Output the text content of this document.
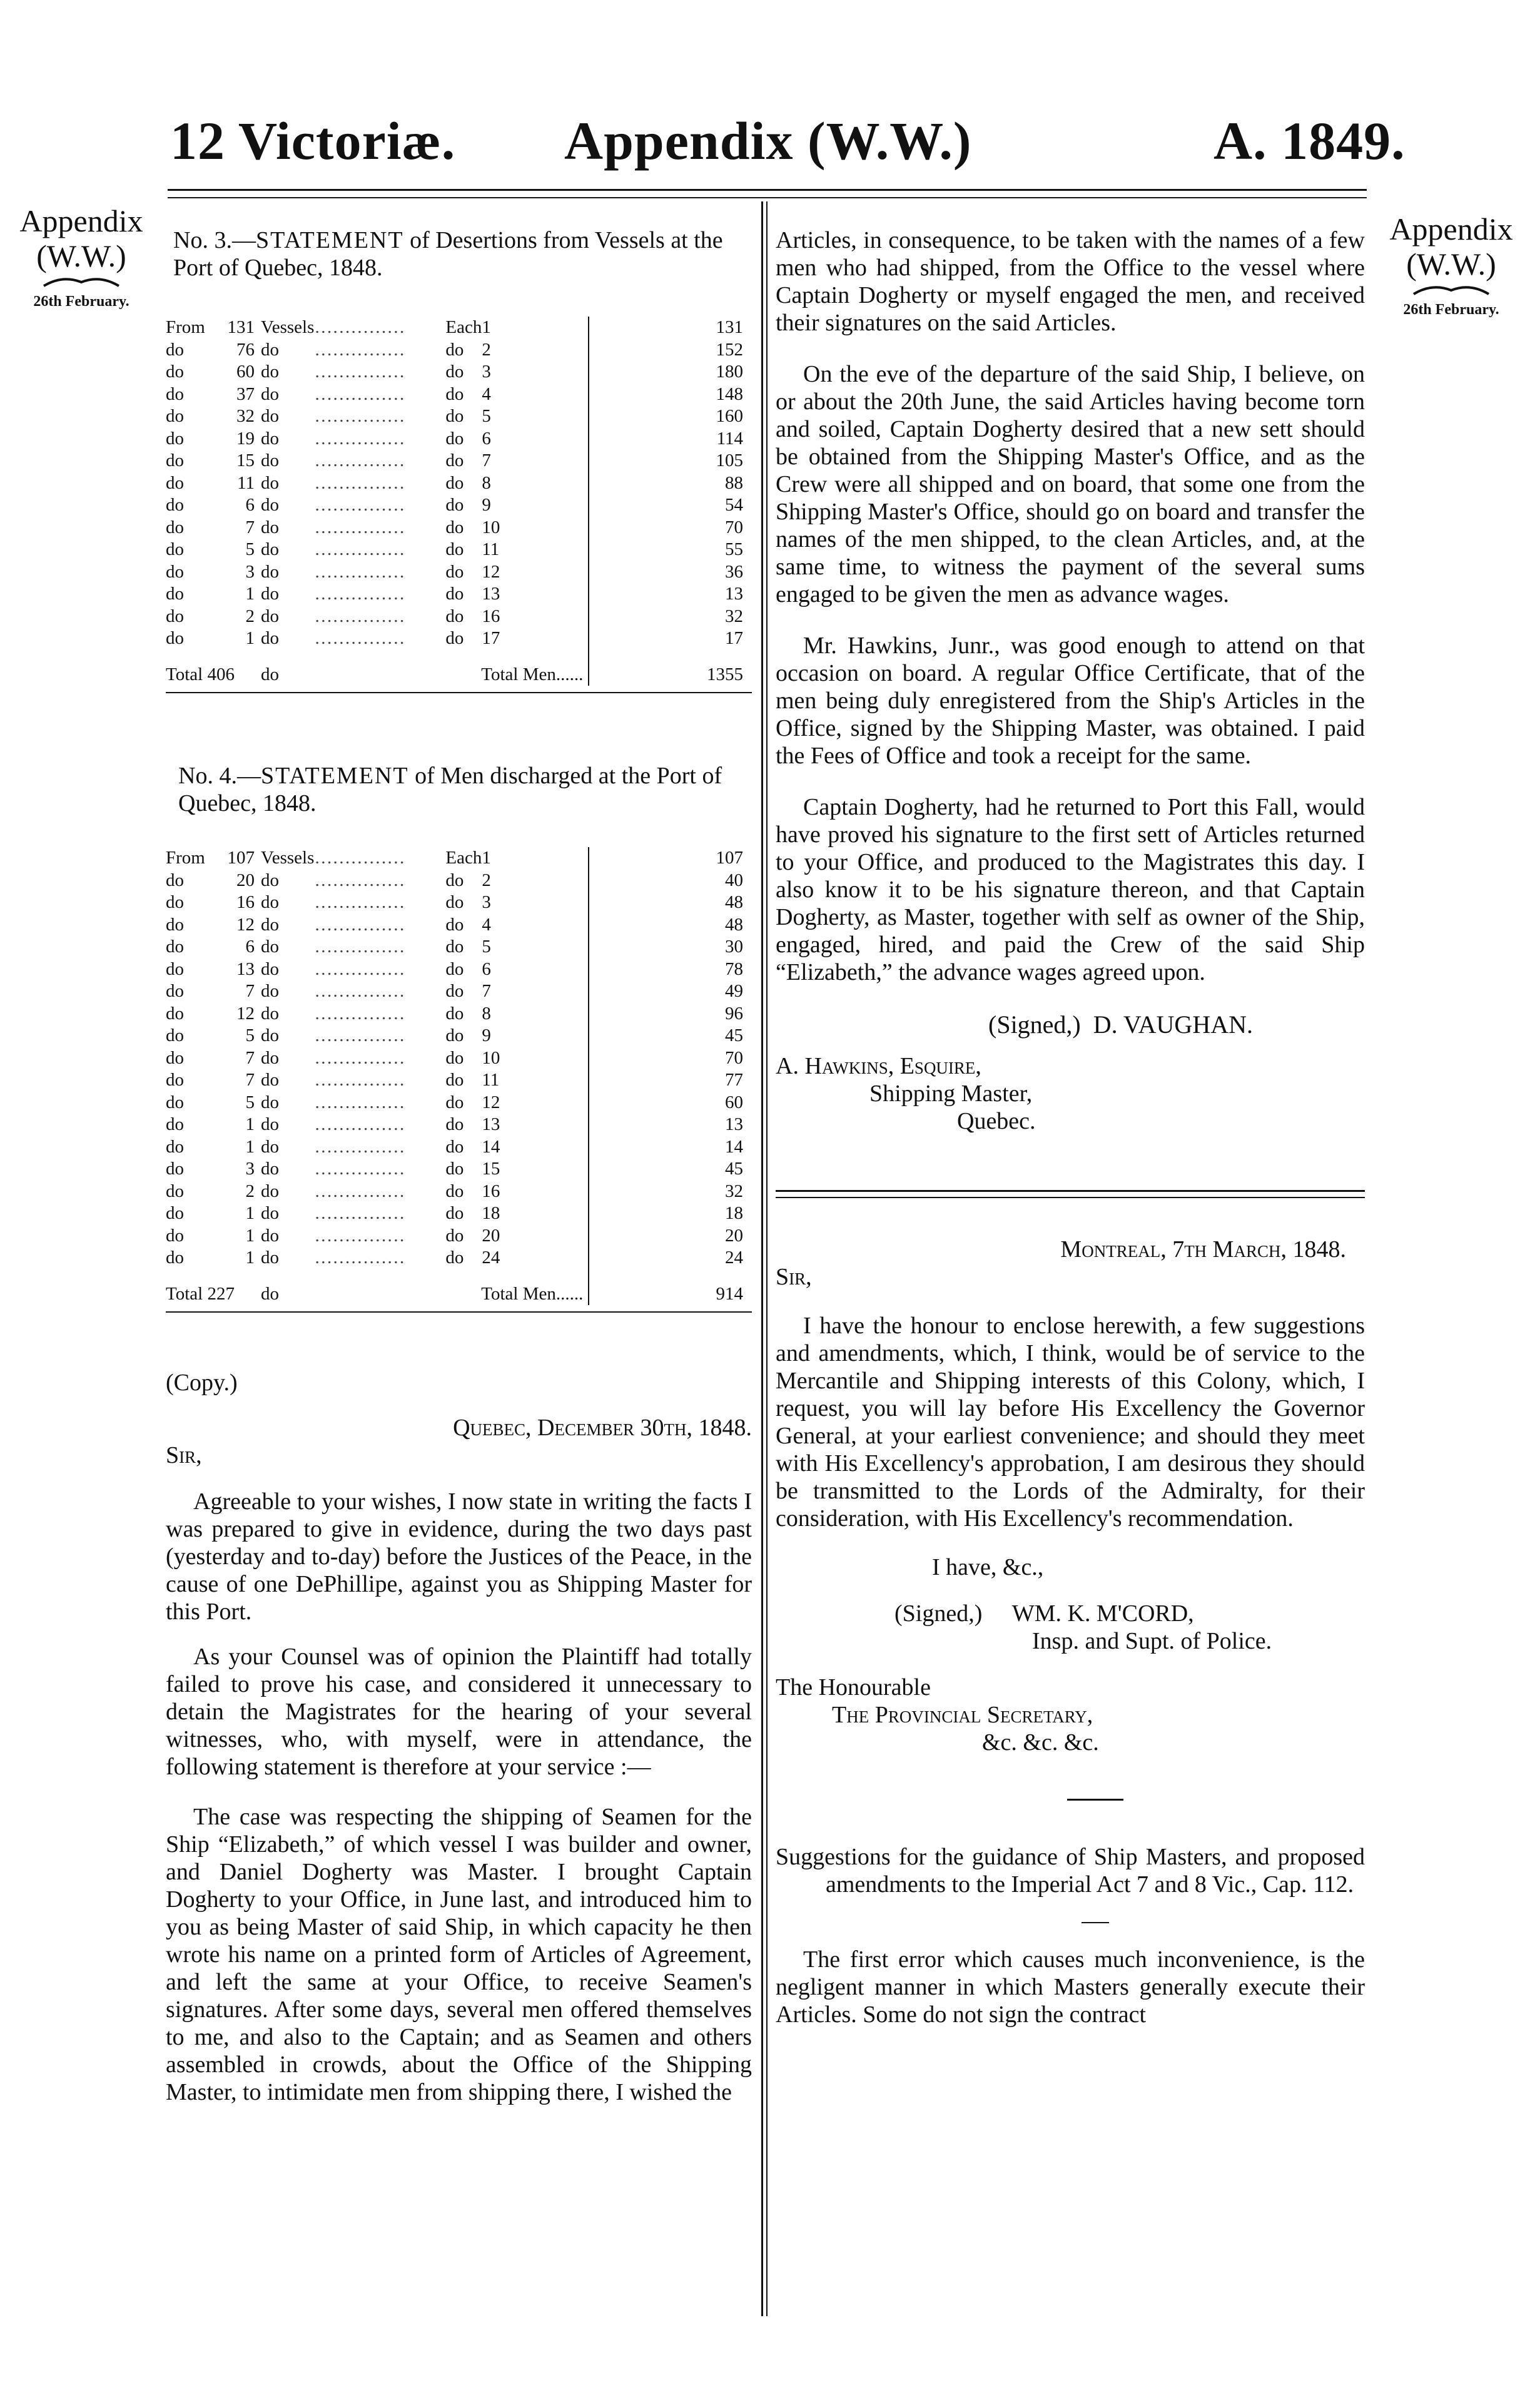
12 Victoriæ. Appendix (W.W.)	A. 1849.
Appendix
(W.W.)
26th February.
Appendix
(W.W.)
26th February.
No. 3.—STATEMENT of Desertions from Vessels at the Port of Quebec, 1848.
From	131	Vessels	……………	Each	1	131
do	76	do	……………	do	2	152
do	60	do	……………	do	3	180
do	37	do	……………	do	4	148
do	32	do	……………	do	5	160
do	19	do	……………	do	6	114
do	15	do	……………	do	7	105
do	11	do	……………	do	8	88
do	6	do	……………	do	9	54
do	7	do	……………	do	10	70
do	5	do	……………	do	11	55
do	3	do	……………	do	12	36
do	1	do	……………	do	13	13
do	2	do	……………	do	16	32
do	1	do	……………	do	17	17
Total 406		do	Total Men......			1355
No. 4.—STATEMENT of Men discharged at the Port of Quebec, 1848.
From	107	Vessels	……………	Each	1	107
do	20	do	……………	do	2	40
do	16	do	……………	do	3	48
do	12	do	……………	do	4	48
do	6	do	……………	do	5	30
do	13	do	……………	do	6	78
do	7	do	……………	do	7	49
do	12	do	……………	do	8	96
do	5	do	……………	do	9	45
do	7	do	……………	do	10	70
do	7	do	……………	do	11	77
do	5	do	……………	do	12	60
do	1	do	……………	do	13	13
do	1	do	……………	do	14	14
do	3	do	……………	do	15	45
do	2	do	……………	do	16	32
do	1	do	……………	do	18	18
do	1	do	……………	do	20	20
do	1	do	……………	do	24	24
Total 227		do	Total Men......			914

(Copy.)

Quebec, December 30th, 1848.

Sir,

Agreeable to your wishes, I now state in writing the facts I was prepared to give in evidence, during the two days past (yesterday and to-day) before the Justices of the Peace, in the cause of one DePhillipe, against you as Shipping Master for this Port.

As your Counsel was of opinion the Plaintiff had totally failed to prove his case, and considered it unnecessary to detain the Magistrates for the hearing of your several witnesses, who, with myself, were in attendance, the following statement is therefore at your service :—

The case was respecting the shipping of Seamen for the Ship “Elizabeth,” of which vessel I was builder and owner, and Daniel Dogherty was Master. I brought Captain Dogherty to your Office, in June last, and introduced him to you as being Master of said Ship, in which capacity he then wrote his name on a printed form of Articles of Agreement, and left the same at your Office, to receive Seamen's signatures. After some days, several men offered themselves to me, and also to the Captain; and as Seamen and others assembled in crowds, about the Office of the Shipping Master, to intimidate men from shipping there, I wished the

Articles, in consequence, to be taken with the names of a few men who had shipped, from the Office to the vessel where Captain Dogherty or myself engaged the men, and received their signatures on the said Articles.

On the eve of the departure of the said Ship, I believe, on or about the 20th June, the said Articles having become torn and soiled, Captain Dogherty desired that a new sett should be obtained from the Shipping Master's Office, and as the Crew were all shipped and on board, that some one from the Shipping Master's Office, should go on board and transfer the names of the men shipped, to the clean Articles, and, at the same time, to witness the payment of the several sums engaged to be given the men as advance wages.

Mr. Hawkins, Junr., was good enough to attend on that occasion on board. A regular Office Certificate, that of the men being duly enregistered from the Ship's Articles in the Office, signed by the Shipping Master, was obtained. I paid the Fees of Office and took a receipt for the same.

Captain Dogherty, had he returned to Port this Fall, would have proved his signature to the first sett of Articles returned to your Office, and produced to the Magistrates this day. I also know it to be his signature thereon, and that Captain Dogherty, as Master, together with self as owner of the Ship, engaged, hired, and paid the Crew of the said Ship “Elizabeth,” the advance wages agreed upon.

(Signed,) D. VAUGHAN.

A. Hawkins, Esquire,

Shipping Master,

Quebec.

Montreal, 7th March, 1848.

Sir,

I have the honour to enclose herewith, a few suggestions and amendments, which, I think, would be of service to the Mercantile and Shipping interests of this Colony, which, I request, you will lay before His Excellency the Governor General, at your earliest convenience; and should they meet with His Excellency's approbation, I am desirous they should be transmitted to the Lords of the Admiralty, for their consideration, with His Excellency's recommendation.

I have, &c.,

(Signed,) WM. K. M'CORD,

Insp. and Supt. of Police.

The Honourable

The Provincial Secretary,

&c. &c. &c.

Suggestions for the guidance of Ship Masters, and proposed amendments to the Imperial Act 7 and 8 Vic., Cap. 112.

The first error which causes much inconvenience, is the negligent manner in which Masters generally execute their Articles. Some do not sign the contract
